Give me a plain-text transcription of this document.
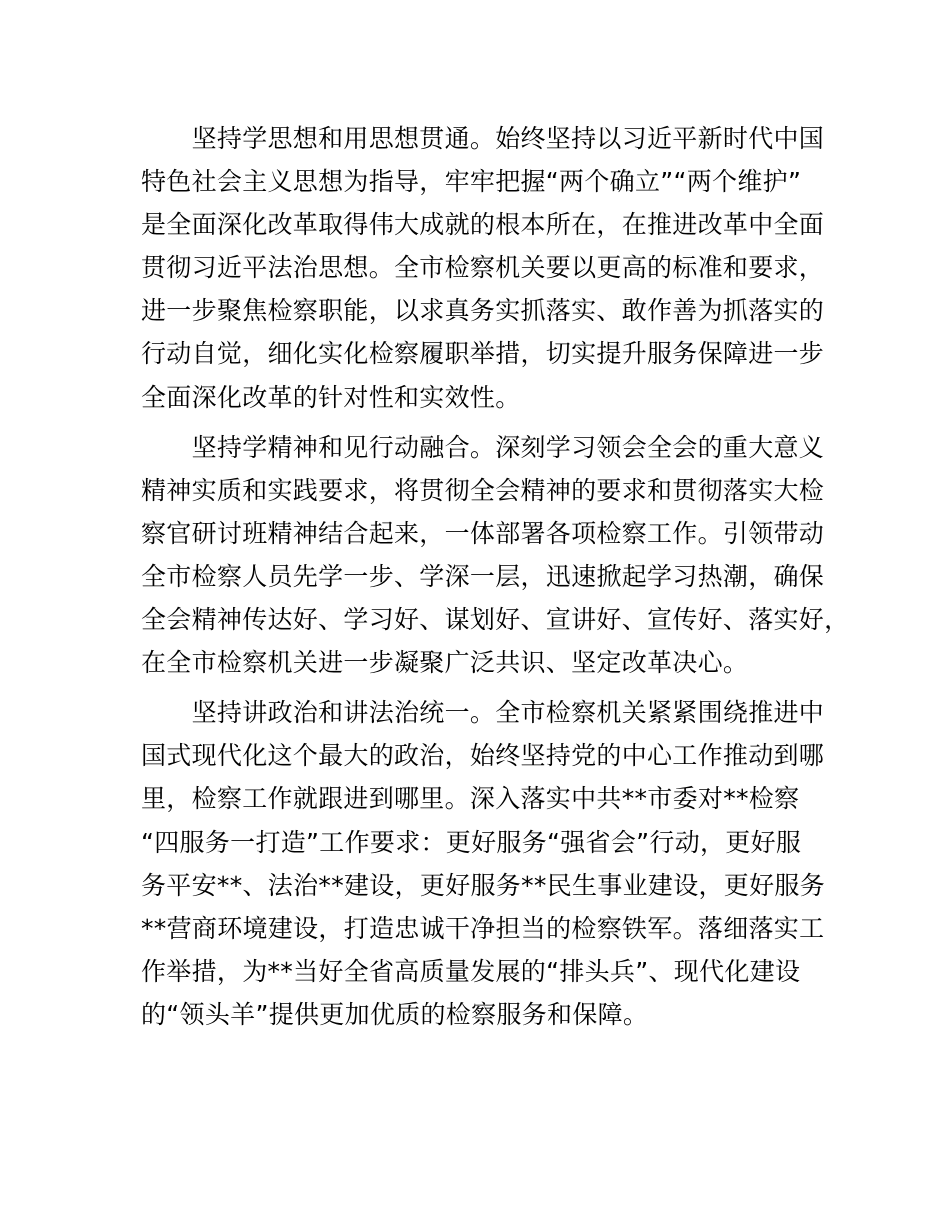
　　坚持学思想和用思想贯通。始终坚持以习近平新时代中国
特色社会主义思想为指导，牢牢把握“两个确立”“两个维护”
是全面深化改革取得伟大成就的根本所在，在推进改革中全面
贯彻习近平法治思想。全市检察机关要以更高的标准和要求，
进一步聚焦检察职能，以求真务实抓落实、敢作善为抓落实的
行动自觉，细化实化检察履职举措，切实提升服务保障进一步
全面深化改革的针对性和实效性。

　　坚持学精神和见行动融合。深刻学习领会全会的重大意义
精神实质和实践要求，将贯彻全会精神的要求和贯彻落实大检
察官研讨班精神结合起来，一体部署各项检察工作。引领带动
全市检察人员先学一步、学深一层，迅速掀起学习热潮，确保
全会精神传达好、学习好、谋划好、宣讲好、宣传好、落实好，
在全市检察机关进一步凝聚广泛共识、坚定改革决心。

　　坚持讲政治和讲法治统一。全市检察机关紧紧围绕推进中
国式现代化这个最大的政治，始终坚持党的中心工作推动到哪
里，检察工作就跟进到哪里。深入落实中共**市委对**检察
“四服务一打造”工作要求：更好服务“强省会”行动，更好服
务平安**、法治**建设，更好服务**民生事业建设，更好服务
**营商环境建设，打造忠诚干净担当的检察铁军。落细落实工
作举措，为**当好全省高质量发展的“排头兵”、现代化建设
的“领头羊”提供更加优质的检察服务和保障。
